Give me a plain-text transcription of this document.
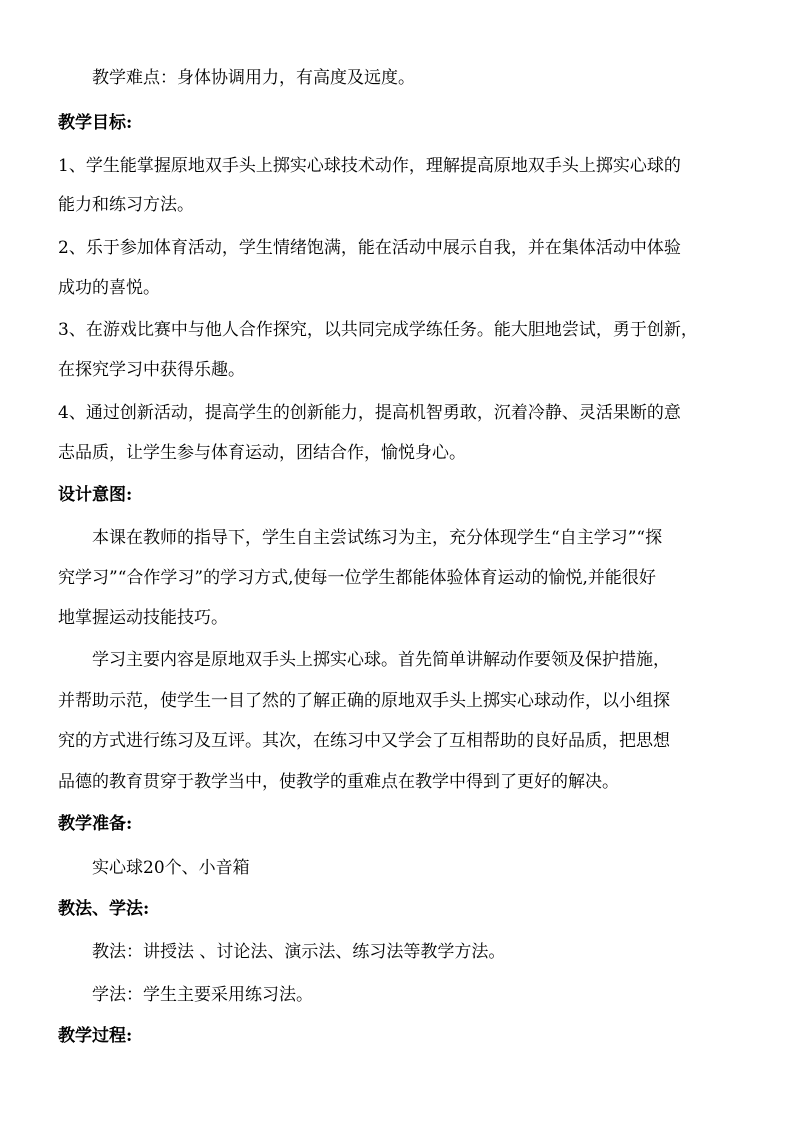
教学难点：身体协调用力，有高度及远度。
教学目标:
1、学生能掌握原地双手头上掷实心球技术动作，理解提高原地双手头上掷实心球的
能力和练习方法。
2、乐于参加体育活动，学生情绪饱满，能在活动中展示自我，并在集体活动中体验
成功的喜悦。
3、在游戏比赛中与他人合作探究，以共同完成学练任务。能大胆地尝试，勇于创新，
在探究学习中获得乐趣。
4、通过创新活动，提高学生的创新能力，提高机智勇敢，沉着冷静、灵活果断的意
志品质，让学生参与体育运动，团结合作，愉悦身心。
设计意图:
本课在教师的指导下，学生自主尝试练习为主，充分体现学生“自主学习”“探
究学习”“合作学习”的学习方式,使每一位学生都能体验体育运动的愉悦,并能很好
地掌握运动技能技巧。
学习主要内容是原地双手头上掷实心球。首先简单讲解动作要领及保护措施，
并帮助示范，使学生一目了然的了解正确的原地双手头上掷实心球动作，以小组探
究的方式进行练习及互评。其次，在练习中又学会了互相帮助的良好品质，把思想
品德的教育贯穿于教学当中，使教学的重难点在教学中得到了更好的解决。
教学准备:
实心球20个、小音箱
教法、学法:
教法：讲授法 、讨论法、演示法、练习法等教学方法。
学法：学生主要采用练习法。
教学过程:
